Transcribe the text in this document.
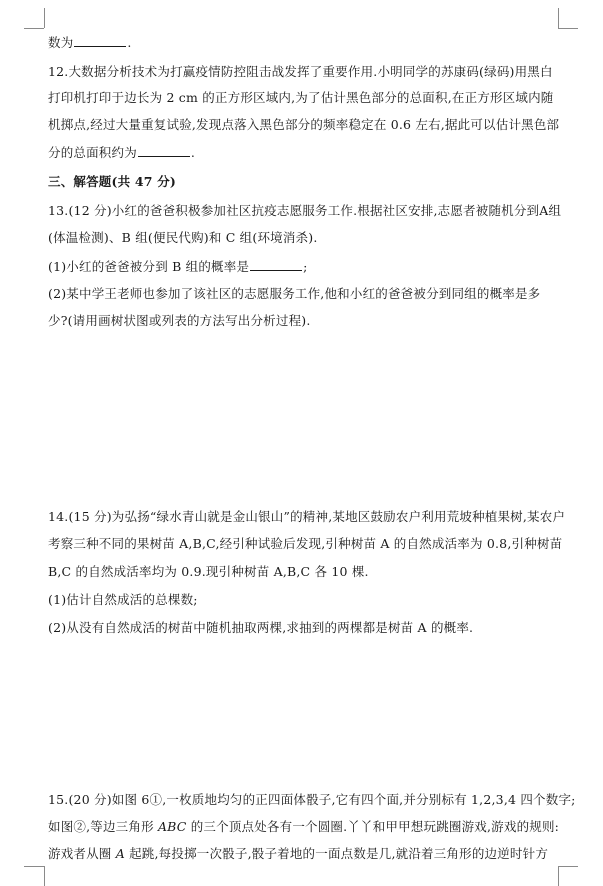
数为	.
12.大数据分析技术为打赢疫情防控阻击战发挥了重要作用.小明同学的苏康码(绿码)用黑白
打印机打印于边长为 2 cm 的正方形区域内,为了估计黑色部分的总面积,在正方形区域内随
机掷点,经过大量重复试验,发现点落入黑色部分的频率稳定在 0.6 左右,据此可以估计黑色部
分的总面积约为	.
三、解答题(共 47 分)
13.(12 分)小红的爸爸积极参加社区抗疫志愿服务工作.根据社区安排,志愿者被随机分到A组
(体温检测)、B 组(便民代购)和 C 组(环境消杀).
(1)小红的爸爸被分到 B 组的概率是	;
(2)某中学王老师也参加了该社区的志愿服务工作,他和小红的爸爸被分到同组的概率是多
少?(请用画树状图或列表的方法写出分析过程).
14.(15 分)为弘扬“绿水青山就是金山银山”的精神,某地区鼓励农户利用荒坡种植果树,某农户
考察三种不同的果树苗 A,B,C,经引种试验后发现,引种树苗 A 的自然成活率为 0.8,引种树苗
B,C 的自然成活率均为 0.9.现引种树苗 A,B,C 各 10 棵.
(1)估计自然成活的总棵数;
(2)从没有自然成活的树苗中随机抽取两棵,求抽到的两棵都是树苗 A 的概率.
15.(20 分)如图 6①,一枚质地均匀的正四面体骰子,它有四个面,并分别标有 1,2,3,4 四个数字;
如图②,等边三角形 ABC 的三个顶点处各有一个圆圈.丫丫和甲甲想玩跳圈游戏,游戏的规则:
游戏者从圈 A 起跳,每投掷一次骰子,骰子着地的一面点数是几,就沿着三角形的边逆时针方
